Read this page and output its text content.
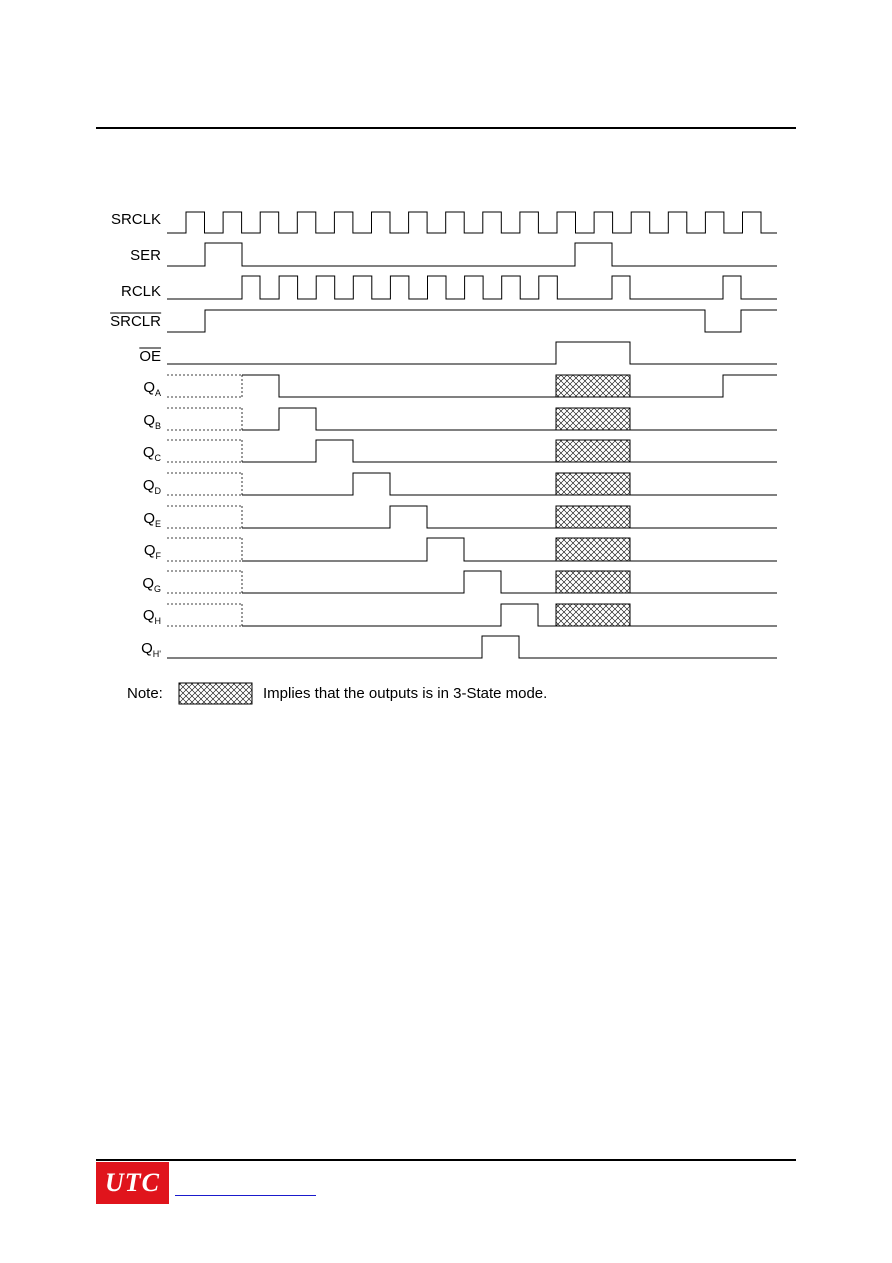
SRCLK
SER
RCLK
SRCLR
OE
$Q_A$
$Q_B$
$Q_C$
$Q_D$
$Q_E$
$Q_F$
$Q_G$
$Q_H$
$Q_{H'}$
Note:	Implies that the outputs is in 3-State mode.
UTC
